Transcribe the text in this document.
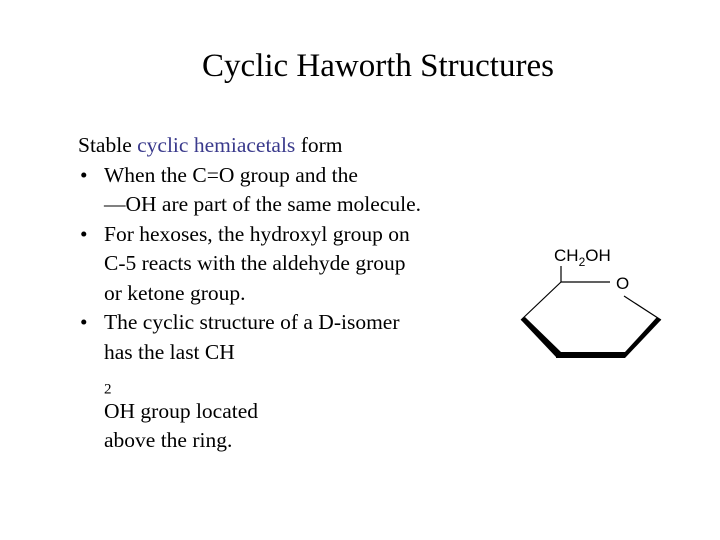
Cyclic Haworth Structures
Stable cyclic hemiacetals form
• When the C=O group and the
—OH are part of the same molecule.
• For hexoses, the hydroxyl group on
C-5 reacts with the aldehyde group
or ketone group.
• The cyclic structure of a D-isomer
has the last CH
$_2$
OH group located
above the ring.
$CH_2OH$
O
